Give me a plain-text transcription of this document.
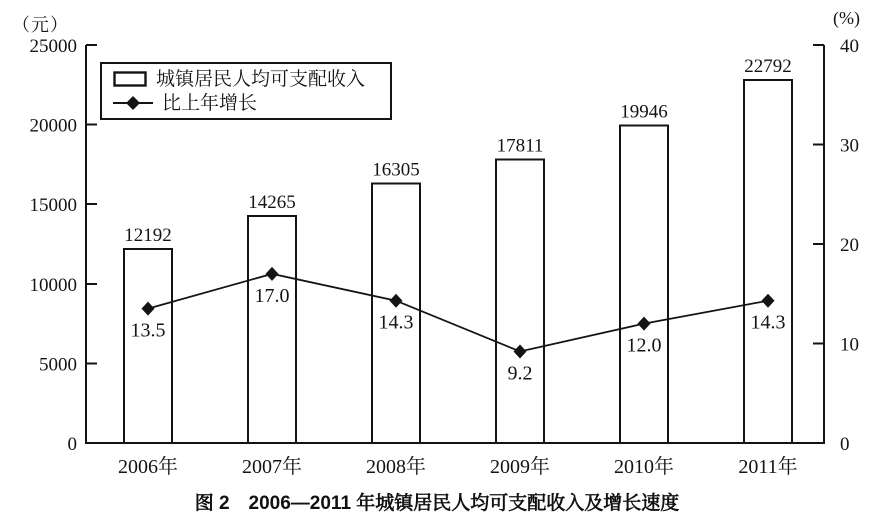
12192
14265
16305
17811
19946
22792
0
5000
10000
15000
20000
25000
0
10
20
30
40
13.5
17.0
14.3
9.2
12.0
14.3
2006年	2007年	2008年	2009年	2010年	2011年
（元）	(%)
城镇居民人均可支配收入
比上年增长
图 2　2006—2011 年城镇居民人均可支配收入及增长速度
